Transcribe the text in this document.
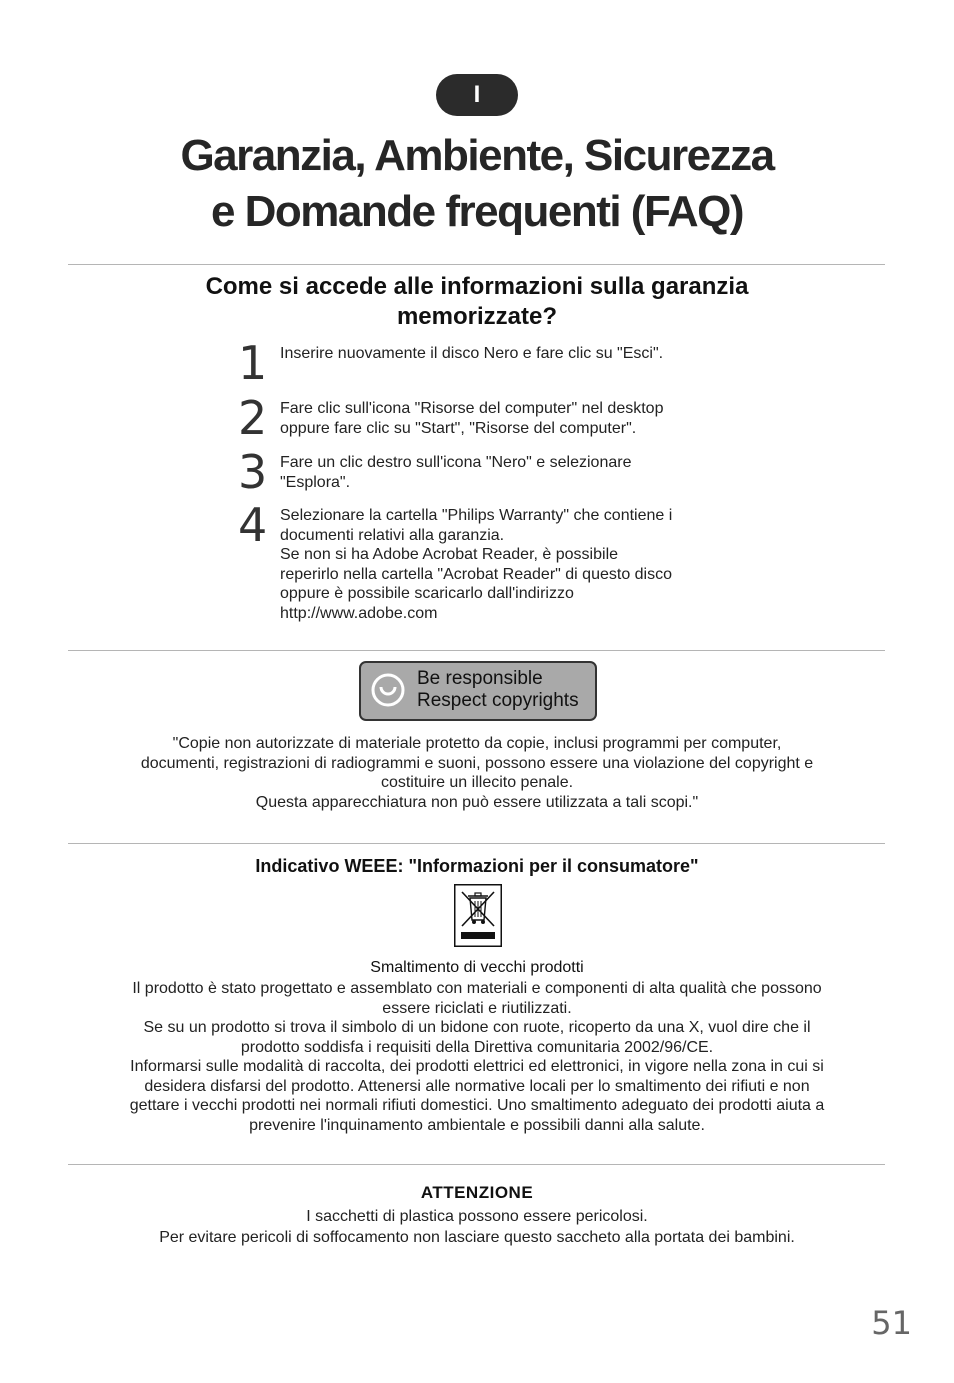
I
Garanzia, Ambiente, Sicurezza
e Domande frequenti (FAQ)
Come si accede alle informazioni sulla garanzia
memorizzate?
1 Inserire nuovamente il disco Nero e fare clic su "Esci".
2 Fare clic sull'icona "Risorse del computer" nel desktop
oppure fare clic su "Start", "Risorse del computer".
3 Fare un clic destro sull'icona "Nero" e selezionare
"Esplora".
4 Selezionare la cartella "Philips Warranty" che contiene i
documenti relativi alla garanzia.
Se non si ha Adobe Acrobat Reader, è possibile
reperirlo nella cartella "Acrobat Reader" di questo disco
oppure è possibile scaricarlo dall'indirizzo
http://www.adobe.com
Be responsible
Respect copyrights
"Copie non autorizzate di materiale protetto da copie, inclusi programmi per computer,
documenti, registrazioni di radiogrammi e suoni, possono essere una violazione del copyright e
costituire un illecito penale.
Questa apparecchiatura non può essere utilizzata a tali scopi."
Indicativo WEEE: "Informazioni per il consumatore"
Smaltimento di vecchi prodotti
Il prodotto è stato progettato e assemblato con materiali e componenti di alta qualità che possono
essere riciclati e riutilizzati.
Se su un prodotto si trova il simbolo di un bidone con ruote, ricoperto da una X, vuol dire che il
prodotto soddisfa i requisiti della Direttiva comunitaria 2002/96/CE.
Informarsi sulle modalità di raccolta, dei prodotti elettrici ed elettronici, in vigore nella zona in cui si
desidera disfarsi del prodotto. Attenersi alle normative locali per lo smaltimento dei rifiuti e non
gettare i vecchi prodotti nei normali rifiuti domestici. Uno smaltimento adeguato dei prodotti aiuta a
prevenire l'inquinamento ambientale e possibili danni alla salute.
ATTENZIONE
I sacchetti di plastica possono essere pericolosi.
Per evitare pericoli di soffocamento non lasciare questo saccheto alla portata dei bambini.
51
